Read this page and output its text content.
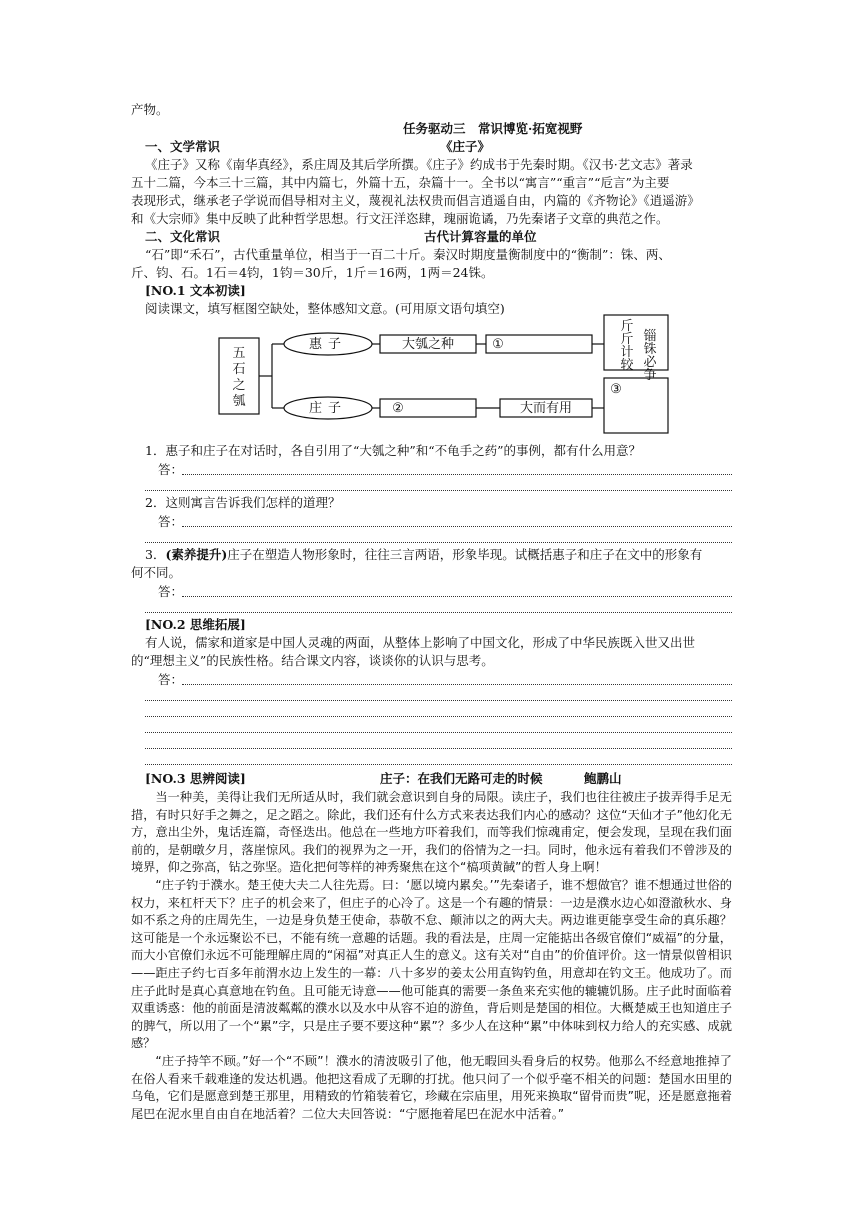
产物。
任务驱动三　常识博览·拓宽视野
一、文学常识	《庄子》
《庄子》又称《南华真经》，系庄周及其后学所撰。《庄子》约成书于先秦时期。《汉书·艺文志》著录
五十二篇，今本三十三篇，其中内篇七，外篇十五，杂篇十一。全书以“寓言”“重言”“卮言”为主要
表现形式，继承老子学说而倡导相对主义，蔑视礼法权贵而倡言逍遥自由，内篇的《齐物论》《逍遥游》
和《大宗师》集中反映了此种哲学思想。行文汪洋恣肆，瑰丽诡谲，乃先秦诸子文章的典范之作。
二、文化常识	古代计算容量的单位
“石”即“禾石”，古代重量单位，相当于一百二十斤。秦汉时期度量衡制度中的“衡制”：铢、两、
斤、钧、石。1石＝4钧，1钧＝30斤，1斤＝16两，1两＝24铢。
[NO.1 文本初读]
阅读课文，填写框图空缺处，整体感知文意。(可用原文语句填空)
五
石
之
瓠
惠子
庄子
大瓠之种	①
②	大而有用
③
斤
斤
计
较
锱
铢
必
争
1．惠子和庄子在对话时，各自引用了“大瓠之种”和“不龟手之药”的事例，都有什么用意？
答：
2．这则寓言告诉我们怎样的道理？
答：
3．(素养提升)庄子在塑造人物形象时，往往三言两语，形象毕现。试概括惠子和庄子在文中的形象有
何不同。
答：
[NO.2 思维拓展]
有人说，儒家和道家是中国人灵魂的两面，从整体上影响了中国文化，形成了中华民族既入世又出世
的“理想主义”的民族性格。结合课文内容，谈谈你的认识与思考。
答：
[NO.3 思辨阅读]	庄子：在我们无路可走的时候	鲍鹏山

当一种美，美得让我们无所适从时，我们就会意识到自身的局限。读庄子，我们也往往被庄子拔弄得手足无措，有时只好手之舞之，足之蹈之。除此，我们还有什么方式来表达我们内心的感动？这位“天仙才子”他幻化无方，意出尘外，鬼话连篇，奇怪迭出。他总在一些地方吓着我们，而等我们惊魂甫定，便会发现，呈现在我们面前的，是朝暾夕月，落崖惊风。我们的视界为之一开，我们的俗情为之一扫。同时，他永远有着我们不曾涉及的境界，仰之弥高，钻之弥坚。造化把何等样的神秀聚焦在这个“槁项黄馘”的哲人身上啊！

“庄子钓于濮水。楚王使大夫二人往先焉。曰：‘愿以境内累矣。’”先秦诸子，谁不想做官？谁不想通过世俗的权力，来杠杆天下？庄子的机会来了，但庄子的心冷了。这是一个有趣的情景：一边是濮水边心如澄澈秋水、身如不系之舟的庄周先生，一边是身负楚王使命，恭敬不怠、颠沛以之的两大夫。两边谁更能享受生命的真乐趣？这可能是一个永远聚讼不已，不能有统一意趣的话题。我的看法是，庄周一定能掂出各级官僚们“威福”的分量，而大小官僚们永远不可能理解庄周的“闲福”对真正人生的意义。这有关对“自由”的价值评价。这一情景似曾相识——距庄子约七百多年前渭水边上发生的一幕：八十多岁的姜太公用直钩钓鱼，用意却在钓文王。他成功了。而庄子此时是真心真意地在钓鱼。且可能无诗意——他可能真的需要一条鱼来充实他的辘辘饥肠。庄子此时面临着双重诱惑：他的前面是清波粼粼的濮水以及水中从容不迫的游鱼，背后则是楚国的相位。大概楚威王也知道庄子的脾气，所以用了一个“累”字，只是庄子要不要这种“累”？多少人在这种“累”中体味到权力给人的充实感、成就感？

“庄子持竿不顾。”好一个“不顾”！濮水的清波吸引了他，他无暇回头看身后的权势。他那么不经意地推掉了在俗人看来千载难逢的发达机遇。他把这看成了无聊的打扰。他只问了一个似乎毫不相关的问题：楚国水田里的乌龟，它们是愿意到楚王那里，用精致的竹箱装着它，珍藏在宗庙里，用死来换取“留骨而贵”呢，还是愿意拖着尾巴在泥水里自由自在地活着？二位大夫回答说：“宁愿拖着尾巴在泥水中活着。”
